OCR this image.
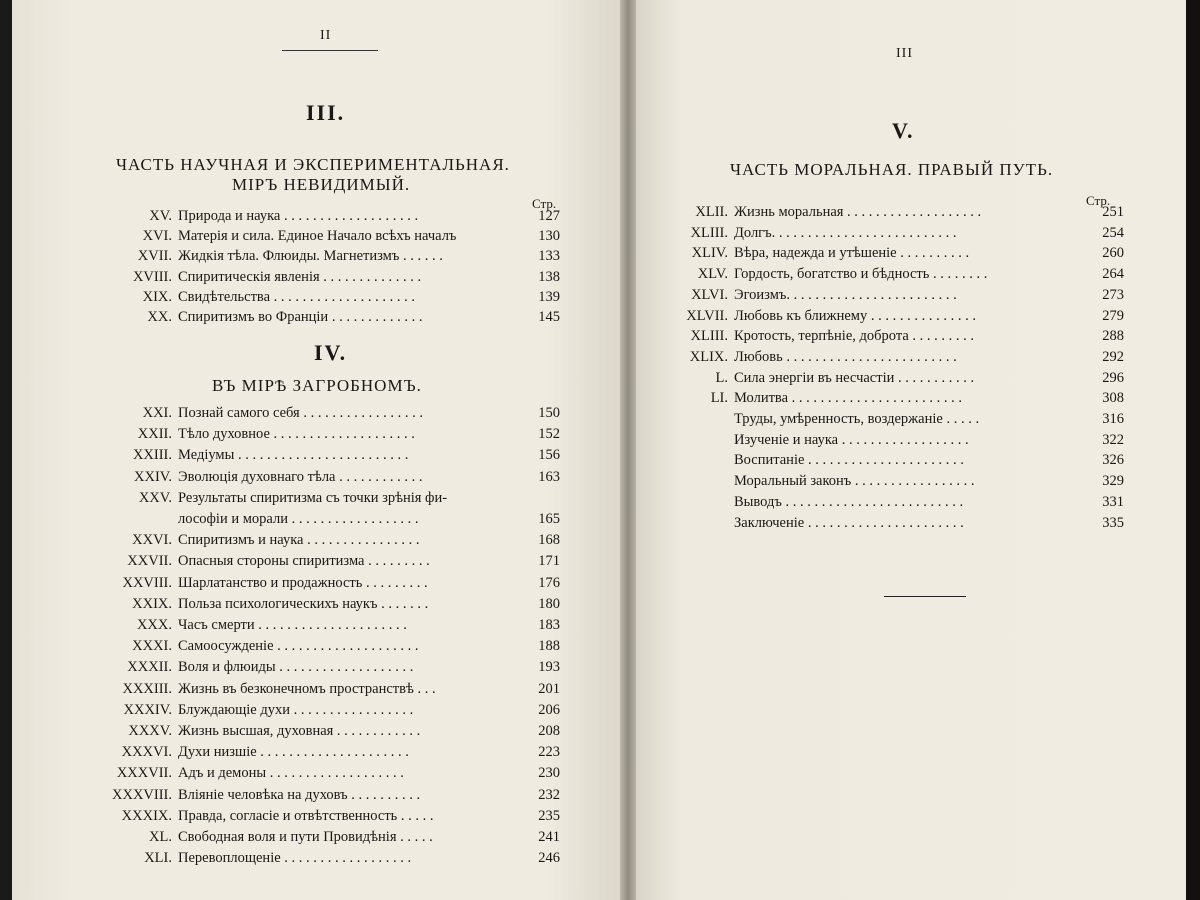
II
III.
ЧАСТЬ НАУЧНАЯ И ЭКСПЕРИМЕНТАЛЬНАЯ.
МІРЪ НЕВИДИМЫЙ.
Стр.
XV. Природа и наука . . . . . . . . . . . . . . . . . . .	127
XVI. Матерія и сила. Единое Начало всѣхъ началъ	130
XVII. Жидкія тѣла. Флюиды. Магнетизмъ . . . . . .	133
XVIII. Спиритическія явленія . . . . . . . . . . . . . .	138
XIX. Свидѣтельства . . . . . . . . . . . . . . . . . . . .	139
XX. Спиритизмъ во Франціи . . . . . . . . . . . . .	145
IV.
ВЪ МІРѢ ЗАГРОБНОМЪ.
XXI. Познай самого себя . . . . . . . . . . . . . . . . .	150
XXII. Тѣло духовное . . . . . . . . . . . . . . . . . . . .	152
XXIII. Медіумы . . . . . . . . . . . . . . . . . . . . . . . .	156
XXIV. Эволюція духовнаго тѣла . . . . . . . . . . . .	163
XXV. Результаты спиритизма съ точки зрѣнія фи-
лософіи и морали . . . . . . . . . . . . . . . . . .	165
XXVI. Спиритизмъ и наука . . . . . . . . . . . . . . . .	168
XXVII. Опасныя стороны спиритизма . . . . . . . . .	171
XXVIII. Шарлатанство и продажность . . . . . . . . .	176
XXIX. Польза психологическихъ наукъ . . . . . . .	180
XXX. Часъ смерти . . . . . . . . . . . . . . . . . . . . .	183
XXXI. Самоосужденіе . . . . . . . . . . . . . . . . . . . .	188
XXXII. Воля и флюиды . . . . . . . . . . . . . . . . . . .	193
XXXIII. Жизнь въ безконечномъ пространствѣ . . .	201
XXXIV. Блуждающіе духи . . . . . . . . . . . . . . . . .	206
XXXV. Жизнь высшая, духовная . . . . . . . . . . . .	208
XXXVI. Духи низшіе . . . . . . . . . . . . . . . . . . . . .	223
XXXVII. Адъ и демоны . . . . . . . . . . . . . . . . . . .	230
XXXVIII. Вліяніе человѣка на духовъ . . . . . . . . . .	232
XXXIX. Правда, согласіе и отвѣтственность . . . . .	235
XL. Свободная воля и пути Провидѣнія . . . . .	241
XLI. Перевоплощеніе . . . . . . . . . . . . . . . . . .	246
III
V.
ЧАСТЬ МОРАЛЬНАЯ. ПРАВЫЙ ПУТЬ.
Стр.
XLII. Жизнь моральная . . . . . . . . . . . . . . . . . . .	251
XLIII. Долгъ. . . . . . . . . . . . . . . . . . . . . . . . . .	254
XLIV. Вѣра, надежда и утѣшеніе . . . . . . . . . .	260
XLV. Гордость, богатство и бѣдность . . . . . . . .	264
XLVI. Эгоизмъ. . . . . . . . . . . . . . . . . . . . . . . .	273
XLVII. Любовь къ ближнему . . . . . . . . . . . . . . .	279
XLIII. Кротость, терпѣніе, доброта . . . . . . . . .	288
XLIX. Любовь . . . . . . . . . . . . . . . . . . . . . . . .	292
L. Сила энергіи въ несчастіи . . . . . . . . . . .	296
LI. Молитва . . . . . . . . . . . . . . . . . . . . . . . .	308
Труды, умѣренность, воздержаніе . . . . .	316
Изученіе и наука . . . . . . . . . . . . . . . . . .	322
Воспитаніе . . . . . . . . . . . . . . . . . . . . . .	326
Моральный законъ . . . . . . . . . . . . . . . . .	329
Выводъ . . . . . . . . . . . . . . . . . . . . . . . . .	331
Заключеніе . . . . . . . . . . . . . . . . . . . . . .	335
